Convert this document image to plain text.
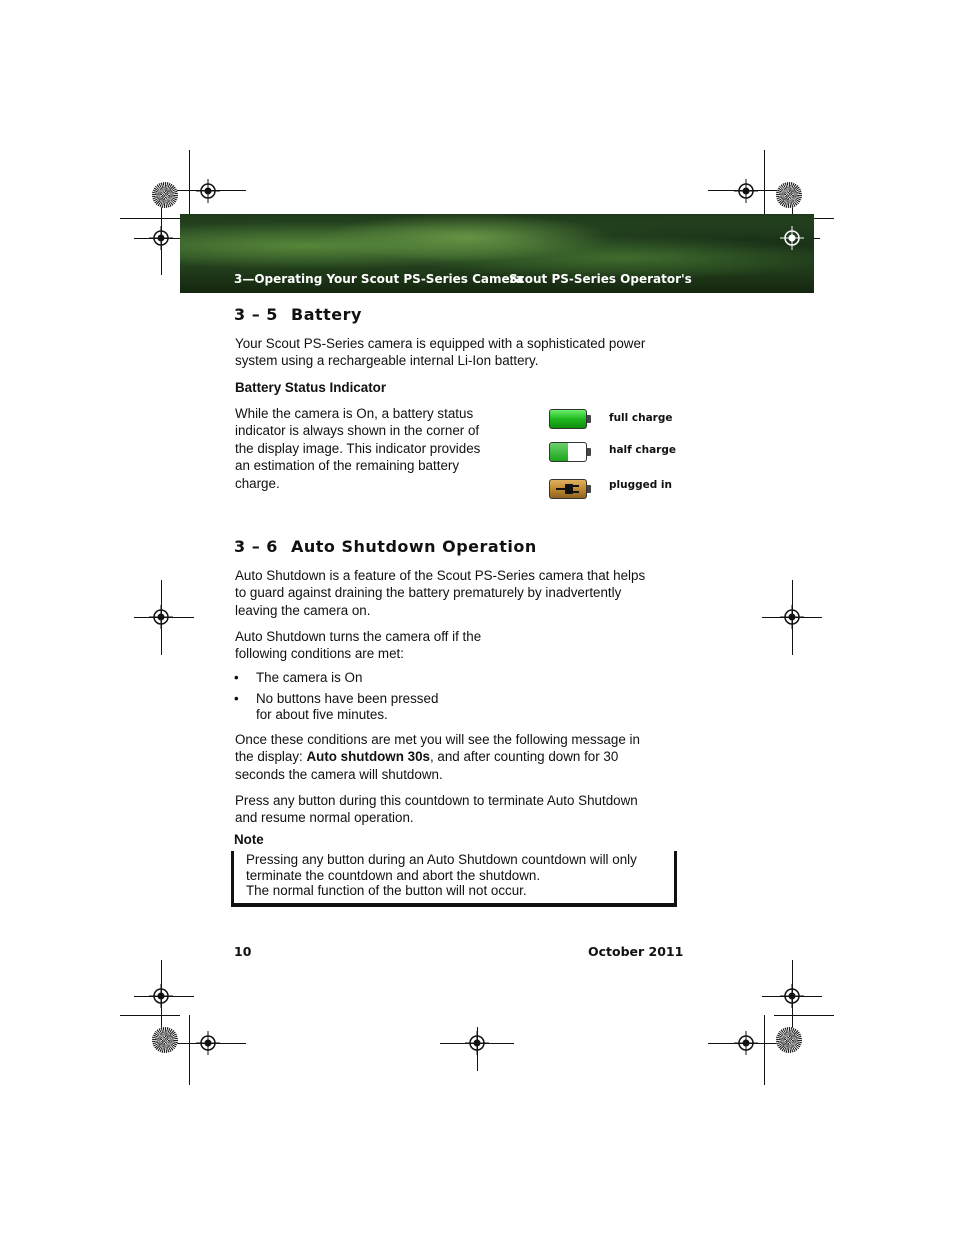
3—Operating Your Scout PS-Series Camera
Scout PS-Series Operator's
3 – 5 Battery
Your Scout PS-Series camera is equipped with a sophisticated power
system using a rechargeable internal Li-Ion battery.
Battery Status Indicator
While the camera is On, a battery status
indicator is always shown in the corner of
the display image. This indicator provides
an estimation of the remaining battery
charge.
full charge
half charge
plugged in
3 – 6 Auto Shutdown Operation
Auto Shutdown is a feature of the Scout PS-Series camera that helps
to guard against draining the battery prematurely by inadvertently
leaving the camera on.
Auto Shutdown turns the camera off if the
following conditions are met:
• The camera is On
• No buttons have been pressed
for about five minutes.
Once these conditions are met you will see the following message in
the display: Auto shutdown 30s, and after counting down for 30
seconds the camera will shutdown.
Press any button during this countdown to terminate Auto Shutdown
and resume normal operation.
Note
Pressing any button during an Auto Shutdown countdown will only
terminate the countdown and abort the shutdown.
The normal function of the button will not occur.
10	October 2011
